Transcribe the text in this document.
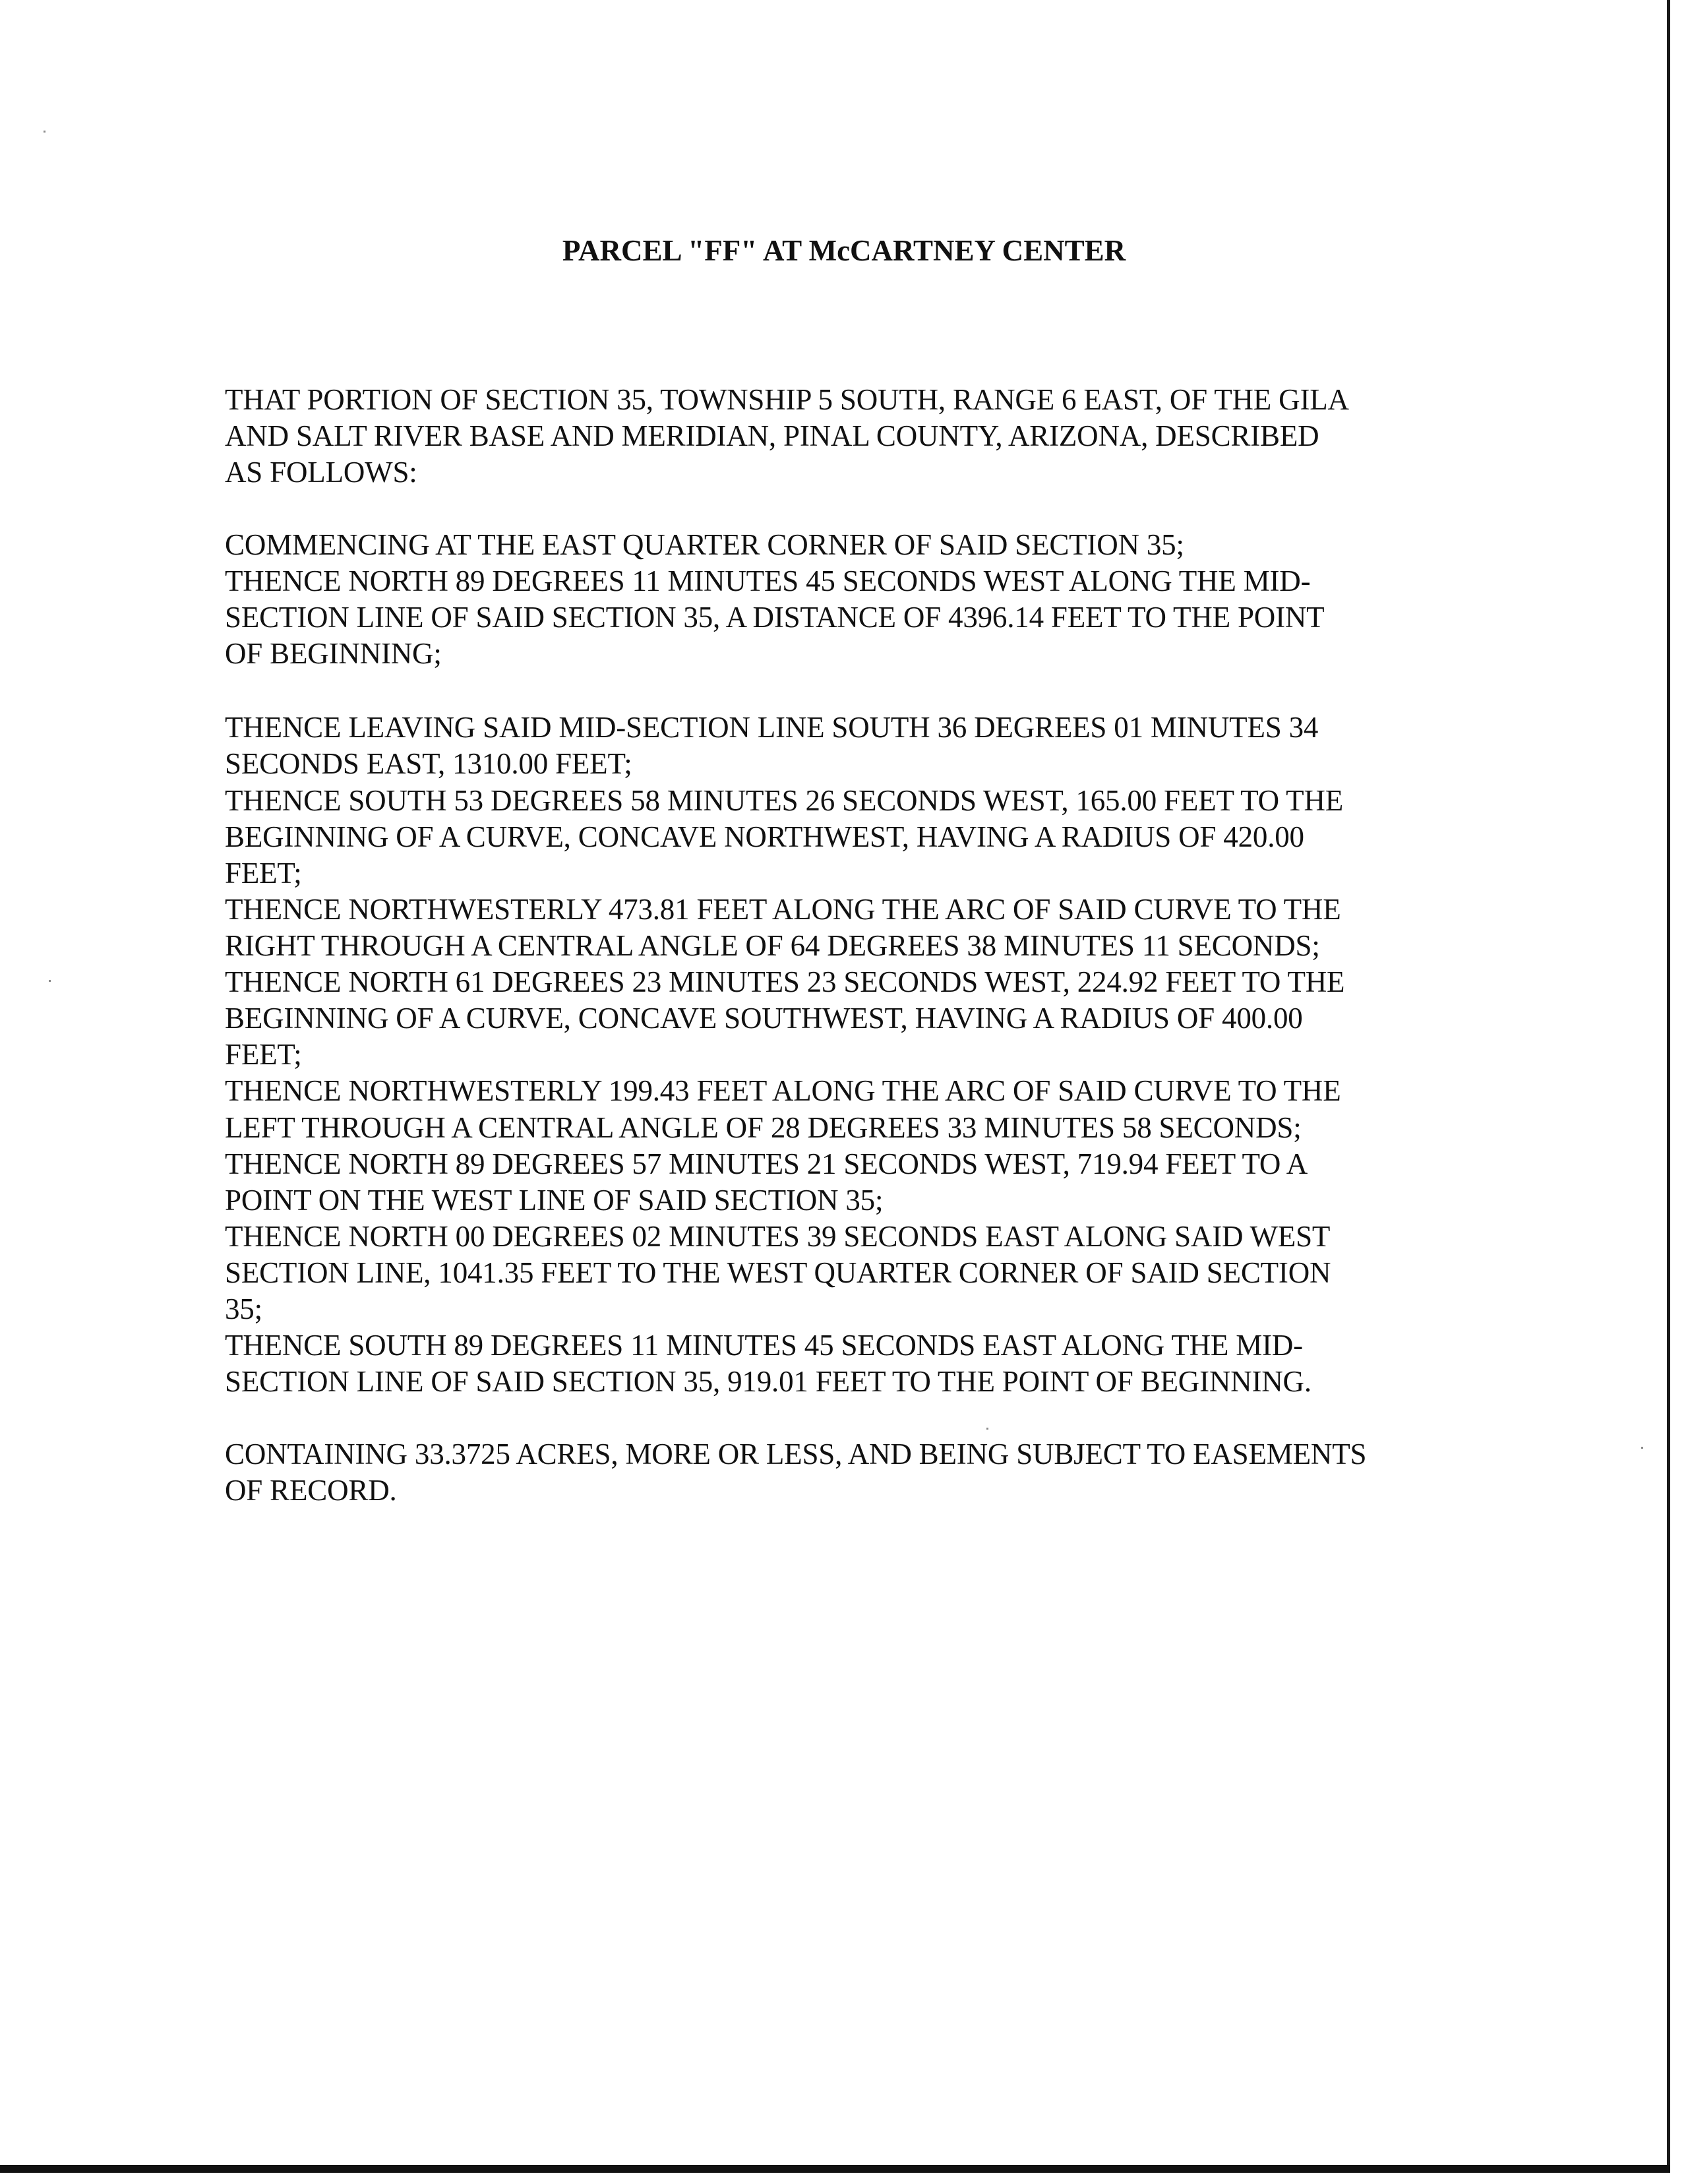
PARCEL "FF" AT McCARTNEY CENTER
THAT PORTION OF SECTION 35, TOWNSHIP 5 SOUTH, RANGE 6 EAST, OF THE GILA
AND SALT RIVER BASE AND MERIDIAN, PINAL COUNTY, ARIZONA, DESCRIBED
AS FOLLOWS:
COMMENCING AT THE EAST QUARTER CORNER OF SAID SECTION 35;
THENCE NORTH 89 DEGREES 11 MINUTES 45 SECONDS WEST ALONG THE MID-
SECTION LINE OF SAID SECTION 35, A DISTANCE OF 4396.14 FEET TO THE POINT
OF BEGINNING;
THENCE LEAVING SAID MID-SECTION LINE SOUTH 36 DEGREES 01 MINUTES 34
SECONDS EAST, 1310.00 FEET;
THENCE SOUTH 53 DEGREES 58 MINUTES 26 SECONDS WEST, 165.00 FEET TO THE
BEGINNING OF A CURVE, CONCAVE NORTHWEST, HAVING A RADIUS OF 420.00
FEET;
THENCE NORTHWESTERLY 473.81 FEET ALONG THE ARC OF SAID CURVE TO THE
RIGHT THROUGH A CENTRAL ANGLE OF 64 DEGREES 38 MINUTES 11 SECONDS;
THENCE NORTH 61 DEGREES 23 MINUTES 23 SECONDS WEST, 224.92 FEET TO THE
BEGINNING OF A CURVE, CONCAVE SOUTHWEST, HAVING A RADIUS OF 400.00
FEET;
THENCE NORTHWESTERLY 199.43 FEET ALONG THE ARC OF SAID CURVE TO THE
LEFT THROUGH A CENTRAL ANGLE OF 28 DEGREES 33 MINUTES 58 SECONDS;
THENCE NORTH 89 DEGREES 57 MINUTES 21 SECONDS WEST, 719.94 FEET TO A
POINT ON THE WEST LINE OF SAID SECTION 35;
THENCE NORTH 00 DEGREES 02 MINUTES 39 SECONDS EAST ALONG SAID WEST
SECTION LINE, 1041.35 FEET TO THE WEST QUARTER CORNER OF SAID SECTION
35;
THENCE SOUTH 89 DEGREES 11 MINUTES 45 SECONDS EAST ALONG THE MID-
SECTION LINE OF SAID SECTION 35, 919.01 FEET TO THE POINT OF BEGINNING.
CONTAINING 33.3725 ACRES, MORE OR LESS, AND BEING SUBJECT TO EASEMENTS
OF RECORD.
